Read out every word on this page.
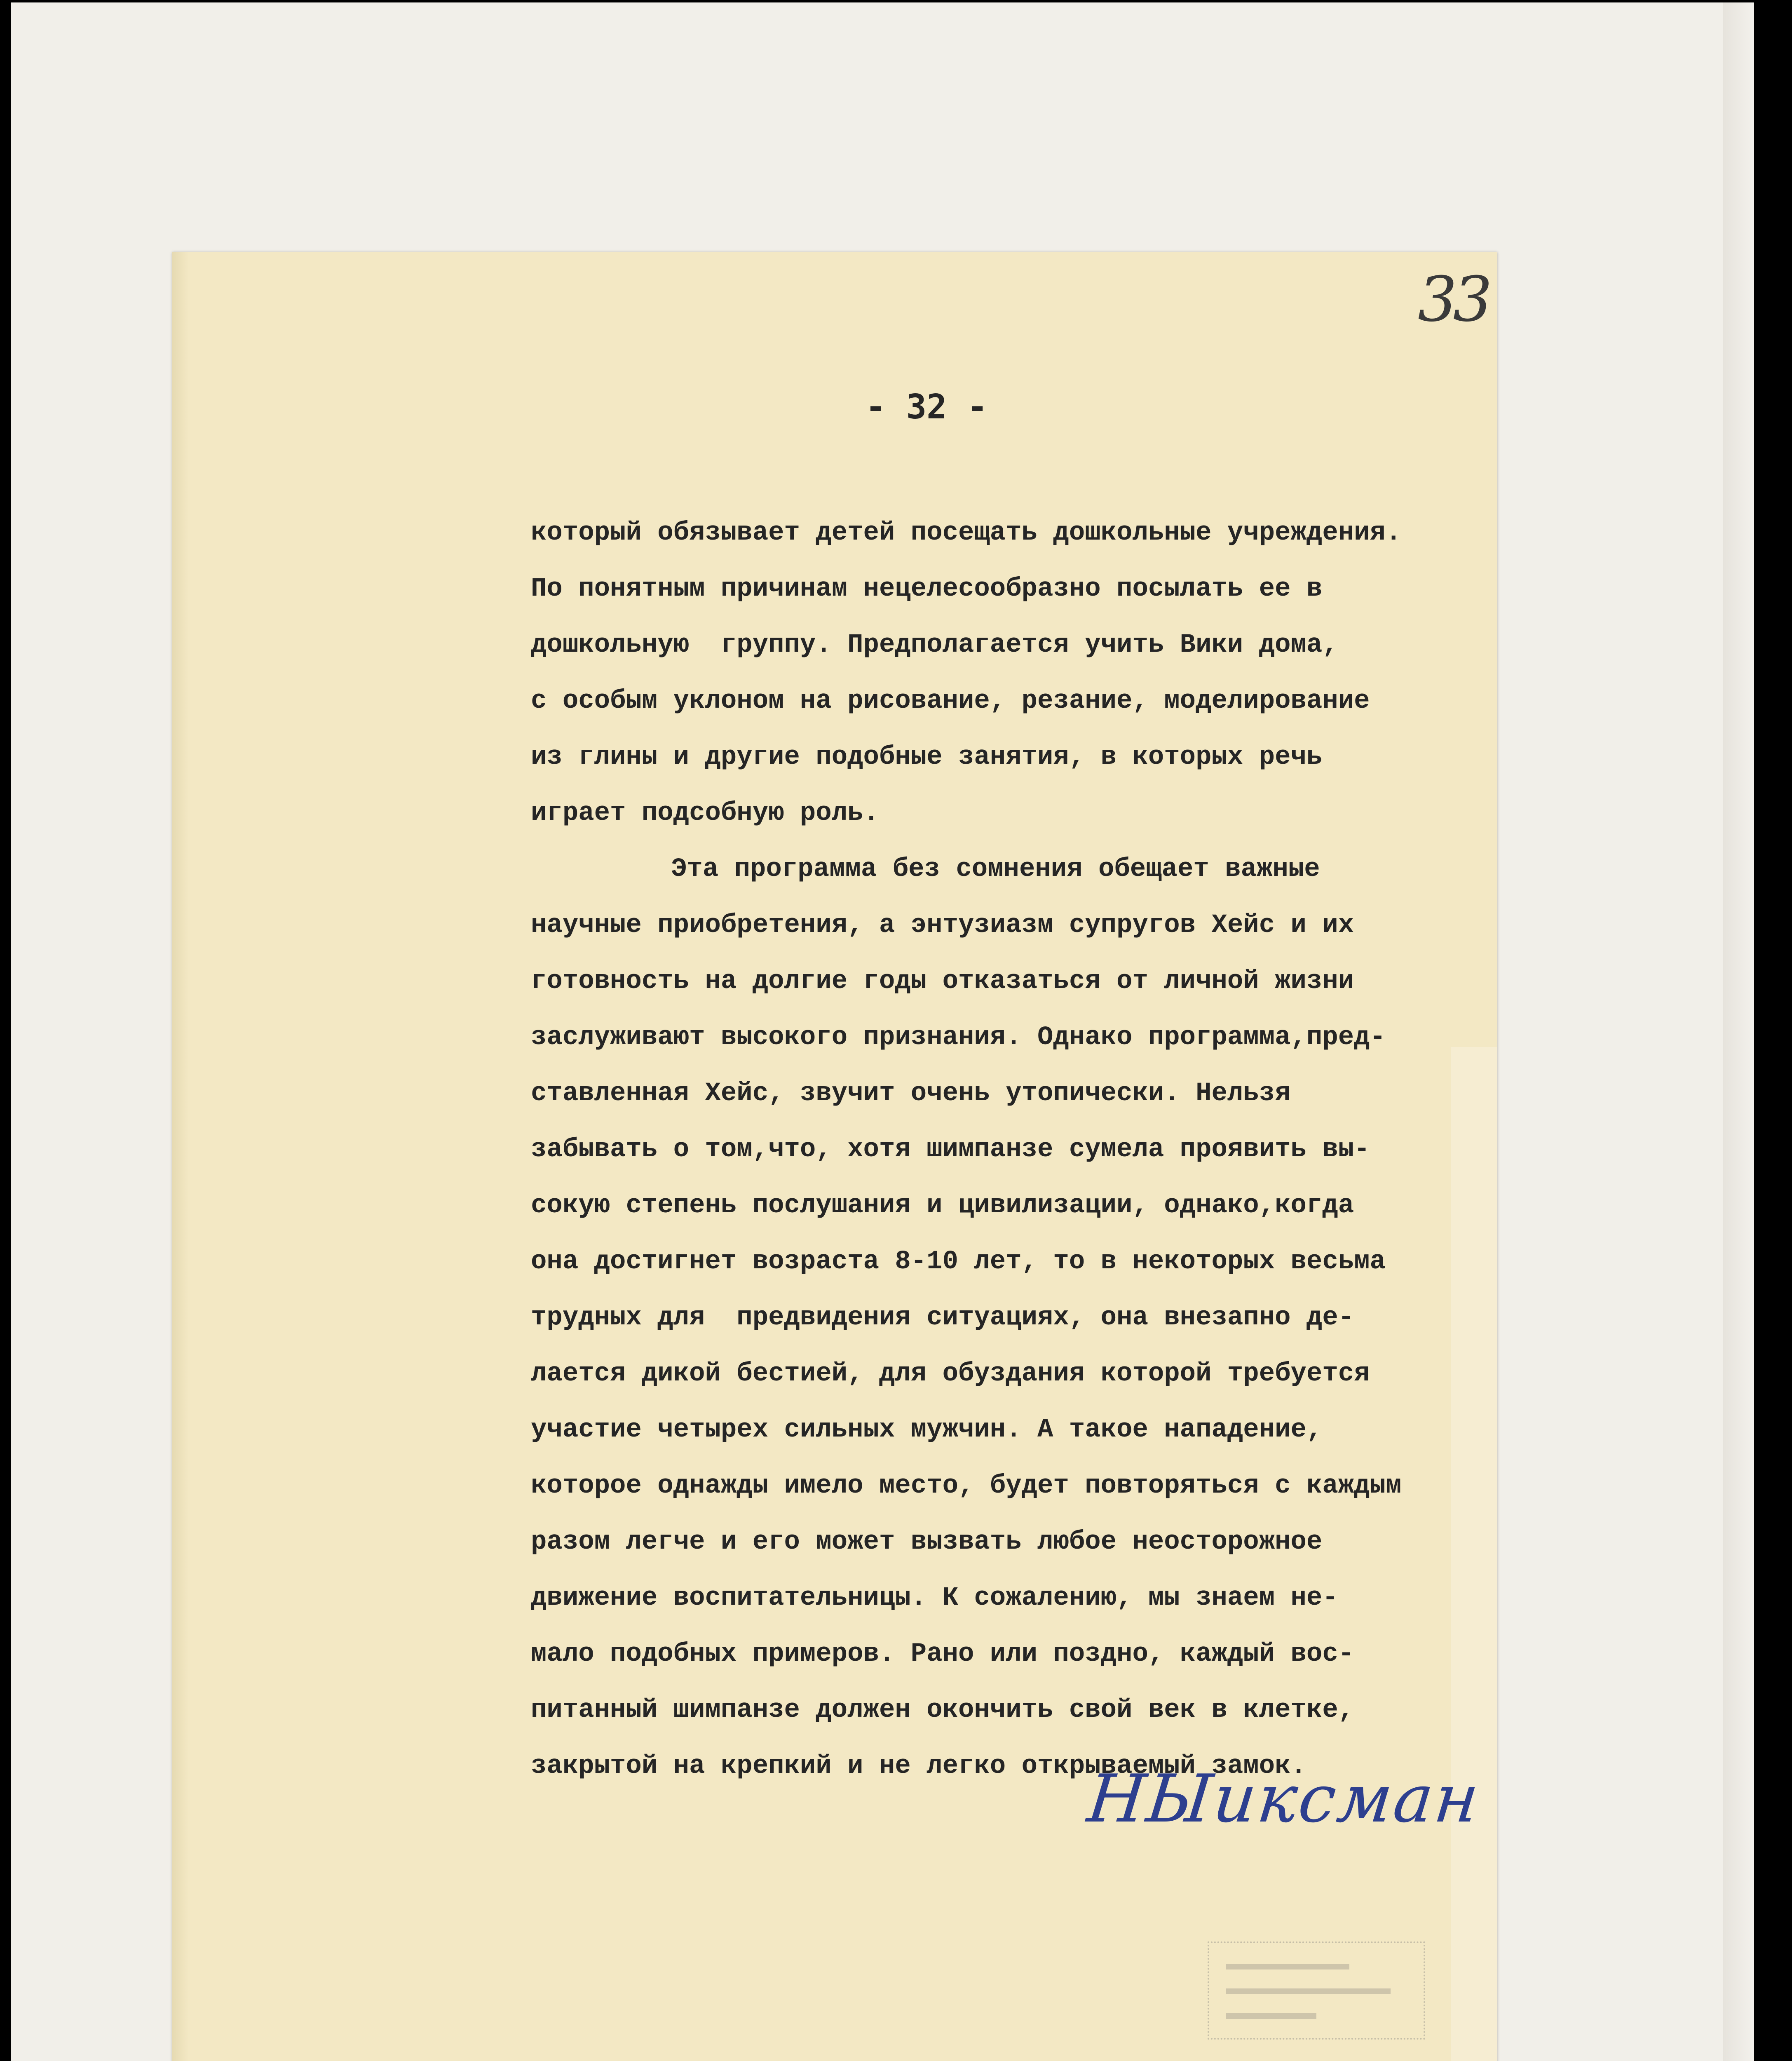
33
- 32 -
который обязывает детей посещать дошкольные учреждения.
По понятным причинам нецелесообразно посылать ее в
дошкольную  группу. Предполагается учить Вики дома,
с особым уклоном на рисование, резание, моделирование
из глины и другие подобные занятия, в которых речь
играет подсобную роль.
Эта программа без сомнения обещает важные
научные приобретения, а энтузиазм супругов Хейс и их
готовность на долгие годы отказаться от личной жизни
заслуживают высокого признания. Однако программа,пред-
ставленная Хейс, звучит очень утопически. Нельзя
забывать о том,что, хотя шимпанзе сумела проявить вы-
сокую степень послушания и цивилизации, однако,когда
она достигнет возраста 8-10 лет, то в некоторых весьма
трудных для  предвидения ситуациях, она внезапно де-
лается дикой бестией, для обуздания которой требуется
участие четырех сильных мужчин. А такое нападение,
которое однажды имело место, будет повторяться с каждым
разом легче и его может вызвать любое неосторожное
движение воспитательницы. К сожалению, мы знаем не-
мало подобных примеров. Рано или поздно, каждый вос-
питанный шимпанзе должен окончить свой век в клетке,
закрытой на крепкий и не легко открываемый замок.
НЫиксман
